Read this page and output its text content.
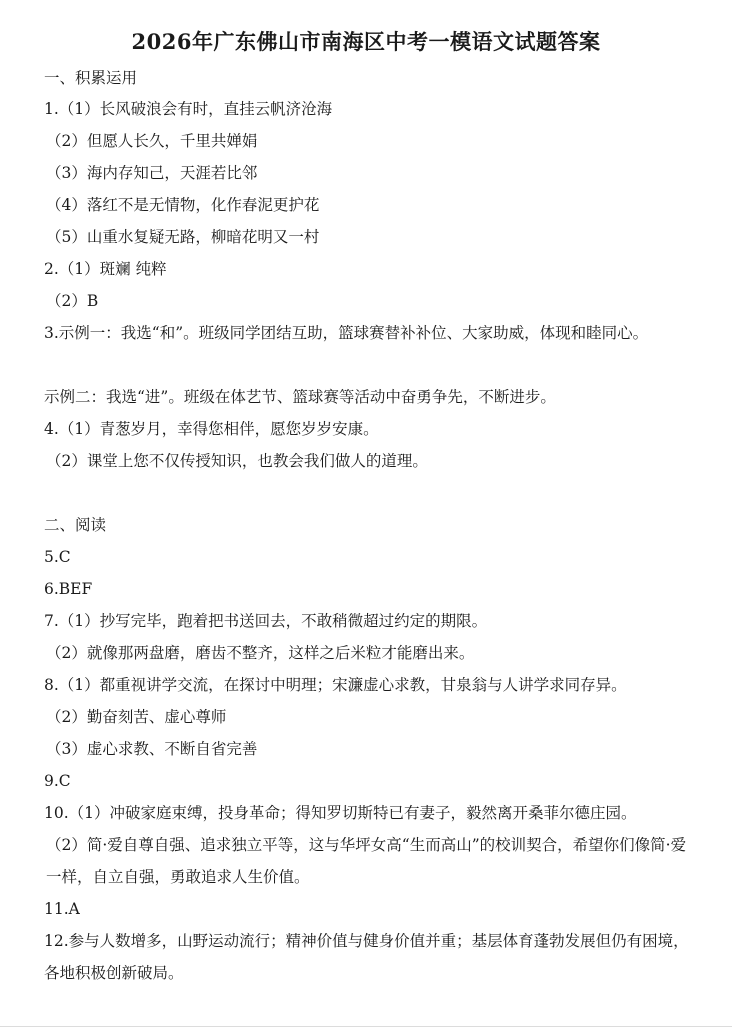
2026年广东佛山市南海区中考一模语文试题答案
一、积累运用
1.（1）长风破浪会有时，直挂云帆济沧海
（2）但愿人长久，千里共婵娟
（3）海内存知己，天涯若比邻
（4）落红不是无情物，化作春泥更护花
（5）山重水复疑无路，柳暗花明又一村
2.（1）斑斓 纯粹
（2）B
3.示例一：我选“和”。班级同学团结互助，篮球赛替补补位、大家助威，体现和睦同心。
示例二：我选“进”。班级在体艺节、篮球赛等活动中奋勇争先，不断进步。
4.（1）青葱岁月，幸得您相伴，愿您岁岁安康。
（2）课堂上您不仅传授知识，也教会我们做人的道理。
二、阅读
5.C
6.BEF
7.（1）抄写完毕，跑着把书送回去，不敢稍微超过约定的期限。
（2）就像那两盘磨，磨齿不整齐，这样之后米粒才能磨出来。
8.（1）都重视讲学交流，在探讨中明理；宋濂虚心求教，甘泉翁与人讲学求同存异。
（2）勤奋刻苦、虚心尊师
（3）虚心求教、不断自省完善
9.C
10.（1）冲破家庭束缚，投身革命；得知罗切斯特已有妻子，毅然离开桑菲尔德庄园。
（2）简·爱自尊自强、追求独立平等，这与华坪女高“生而高山”的校训契合，希望你们像简·爱一样，自立自强，勇敢追求人生价值。
11.A
12.参与人数增多，山野运动流行；精神价值与健身价值并重；基层体育蓬勃发展但仍有困境，各地积极创新破局。
